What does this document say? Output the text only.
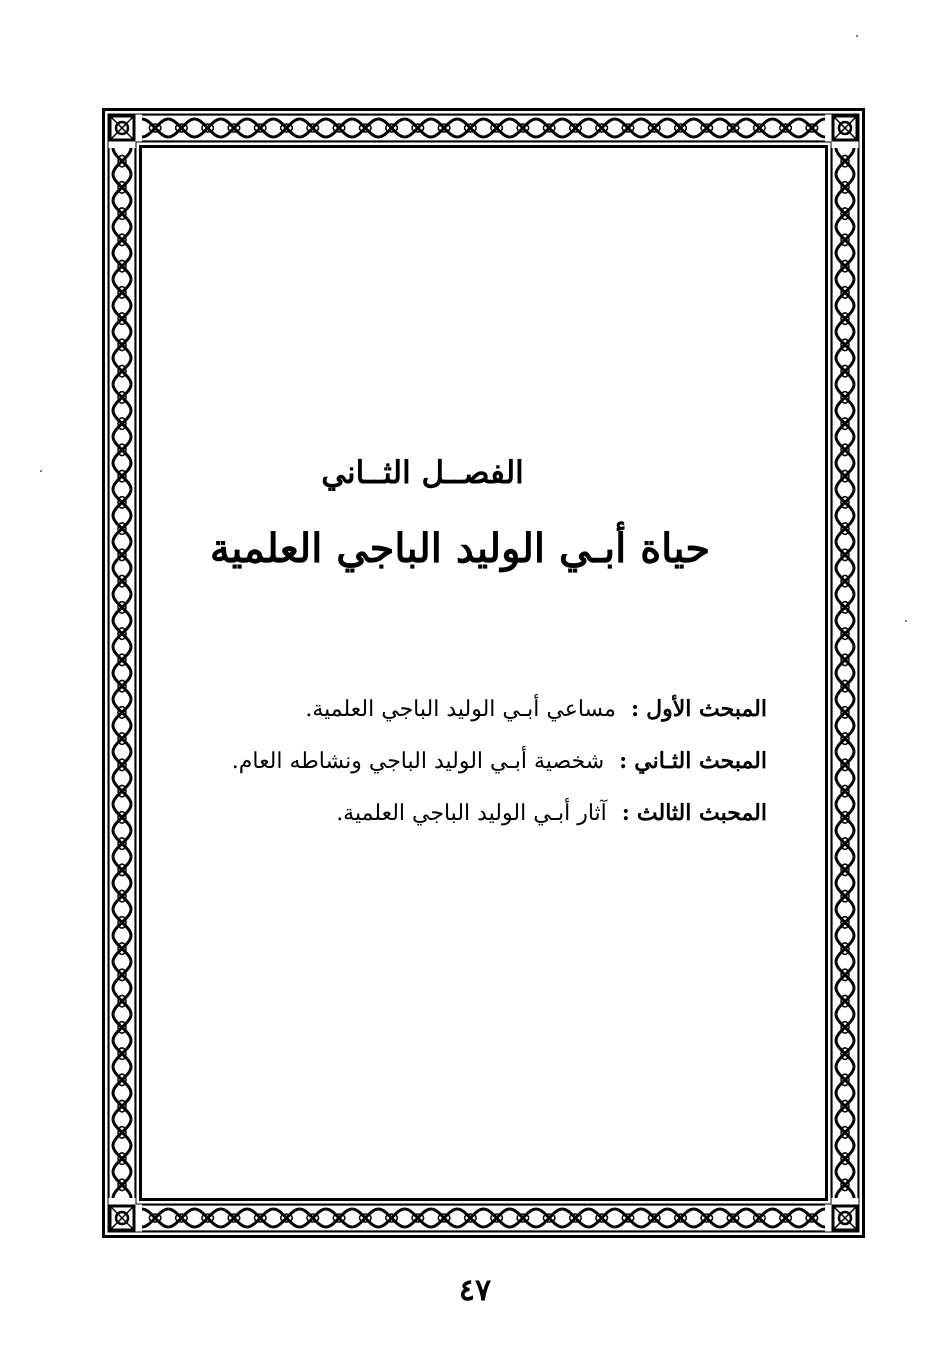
الفصــل الثــاني
حياة أبـي الوليد الباجي العلمية
المبحث الأول : مساعي أبـي الوليد الباجي العلمية.
المبحث الثـاني : شخصية أبـي الوليد الباجي ونشاطه العام.
المحبث الثالث : آثار أبـي الوليد الباجي العلمية.
٤٧
